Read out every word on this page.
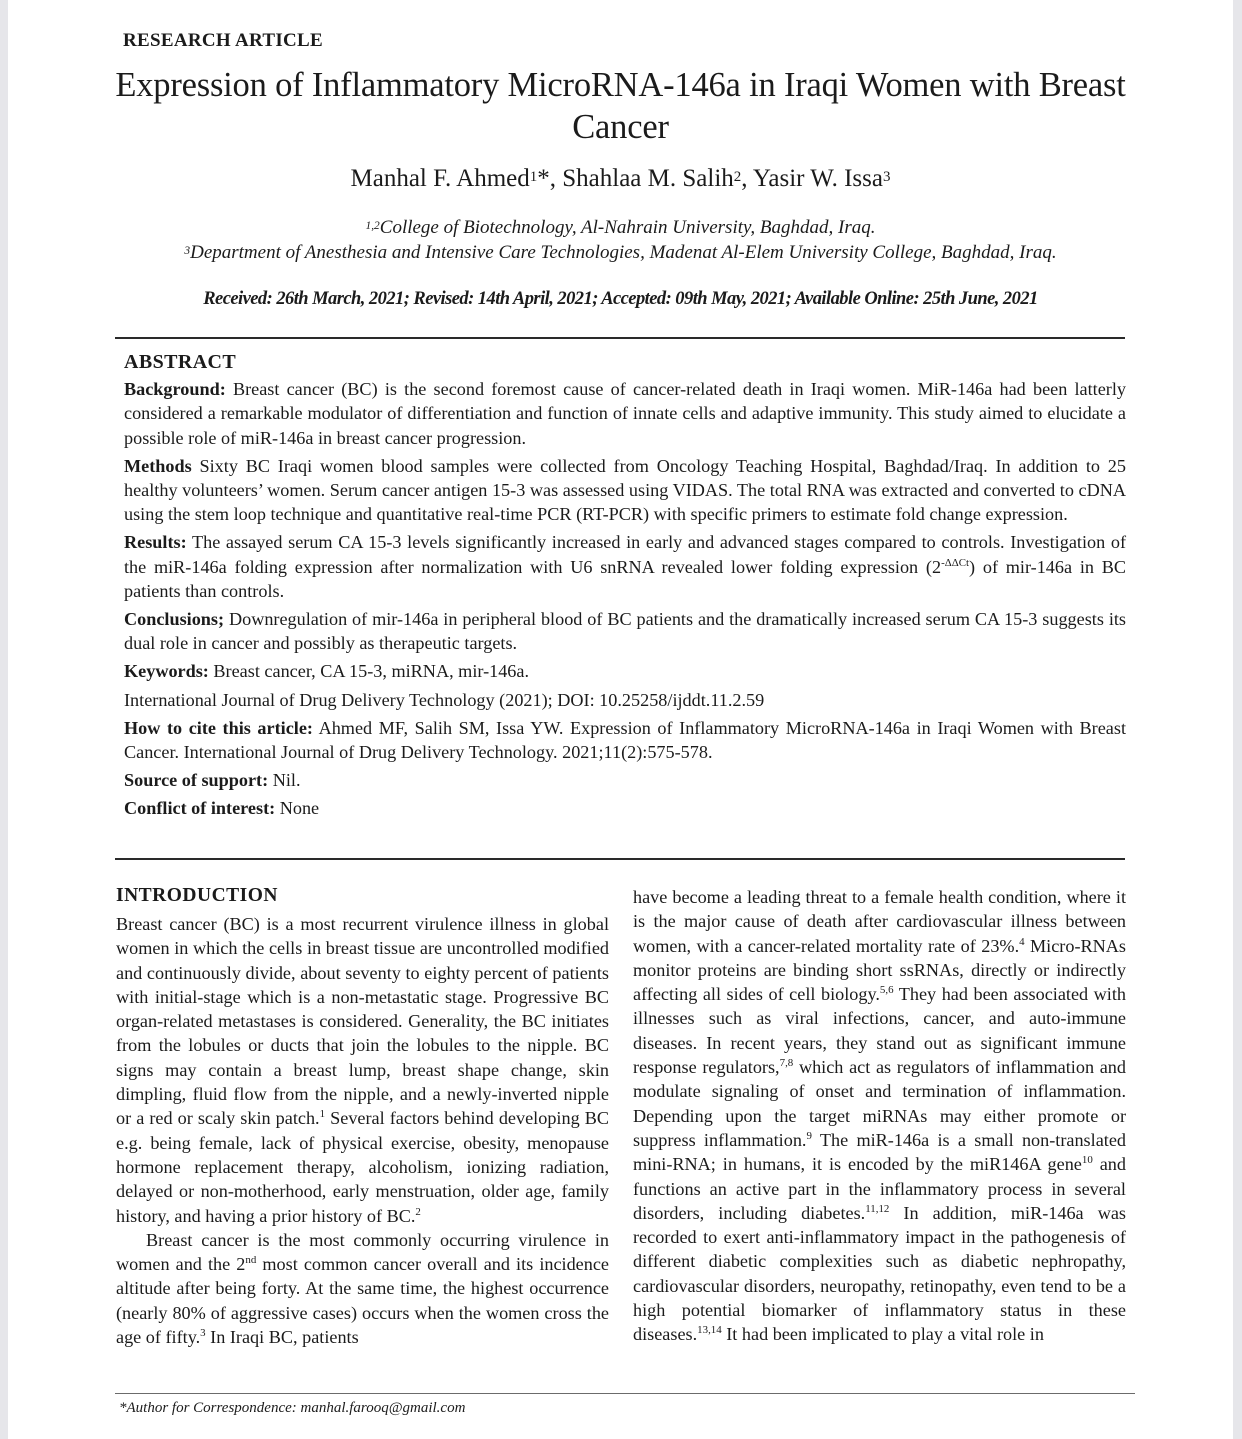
RESEARCH ARTICLE
Expression of Inflammatory MicroRNA-146a in Iraqi Women with Breast Cancer
Manhal F. Ahmed$^1$*, Shahlaa M. Salih$^2$, Yasir W. Issa$^3$
$^{1,2}$College of Biotechnology, Al-Nahrain University, Baghdad, Iraq.
$^3$Department of Anesthesia and Intensive Care Technologies, Madenat Al-Elem University College, Baghdad, Iraq.
Received: 26th March, 2021; Revised: 14th April, 2021; Accepted: 09th May, 2021; Available Online: 25th June, 2021
ABSTRACT

Background: Breast cancer (BC) is the second foremost cause of cancer-related death in Iraqi women. MiR-146a had been latterly considered a remarkable modulator of differentiation and function of innate cells and adaptive immunity. This study aimed to elucidate a possible role of miR-146a in breast cancer progression.

Methods Sixty BC Iraqi women blood samples were collected from Oncology Teaching Hospital, Baghdad/Iraq. In addition to 25 healthy volunteers’ women. Serum cancer antigen 15-3 was assessed using VIDAS. The total RNA was extracted and converted to cDNA using the stem loop technique and quantitative real-time PCR (RT-PCR) with specific primers to estimate fold change expression.

Results: The assayed serum CA 15-3 levels significantly increased in early and advanced stages compared to controls. Investigation of the miR-146a folding expression after normalization with U6 snRNA revealed lower folding expression (2$^{-\Delta\Delta Ct}$) of mir-146a in BC patients than controls.

Conclusions; Downregulation of mir-146a in peripheral blood of BC patients and the dramatically increased serum CA 15-3 suggests its dual role in cancer and possibly as therapeutic targets.

Keywords: Breast cancer, CA 15-3, miRNA, mir-146a.

International Journal of Drug Delivery Technology (2021); DOI: 10.25258/ijddt.11.2.59

How to cite this article: Ahmed MF, Salih SM, Issa YW. Expression of Inflammatory MicroRNA-146a in Iraqi Women with Breast Cancer. International Journal of Drug Delivery Technology. 2021;11(2):575-578.

Source of support: Nil.

Conflict of interest: None

INTRODUCTION

Breast cancer (BC) is a most recurrent virulence illness in global women in which the cells in breast tissue are uncontrolled modified and continuously divide, about seventy to eighty percent of patients with initial-stage which is a non-metastatic stage. Progressive BC organ-related metastases is considered. Generality, the BC initiates from the lobules or ducts that join the lobules to the nipple. BC signs may contain a breast lump, breast shape change, skin dimpling, fluid flow from the nipple, and a newly-inverted nipple or a red or scaly skin patch.$^1$ Several factors behind developing BC e.g. being female, lack of physical exercise, obesity, menopause hormone replacement therapy, alcoholism, ionizing radiation, delayed or non-motherhood, early menstruation, older age, family history, and having a prior history of BC.$^2$

Breast cancer is the most commonly occurring virulence in women and the 2nd most common cancer overall and its incidence altitude after being forty. At the same time, the highest occurrence (nearly 80% of aggressive cases) occurs when the women cross the age of fifty.$^3$ In Iraqi BC, patients

have become a leading threat to a female health condition, where it is the major cause of death after cardiovascular illness between women, with a cancer-related mortality rate of 23%.$^4$ Micro-RNAs monitor proteins are binding short ssRNAs, directly or indirectly affecting all sides of cell biology.$^{5,6}$ They had been associated with illnesses such as viral infections, cancer, and auto-immune diseases. In recent years, they stand out as significant immune response regulators,$^{7,8}$ which act as regulators of inflammation and modulate signaling of onset and termination of inflammation. Depending upon the target miRNAs may either promote or suppress inflammation.$^9$ The miR-146a is a small non-translated mini-RNA; in humans, it is encoded by the miR146A gene$^{10}$ and functions an active part in the inflammatory process in several disorders, including diabetes.$^{11,12}$ In addition, miR-146a was recorded to exert anti-inflammatory impact in the pathogenesis of different diabetic complexities such as diabetic nephropathy, cardiovascular disorders, neuropathy, retinopathy, even tend to be a high potential biomarker of inflammatory status in these diseases.$^{13,14}$ It had been implicated to play a vital role in

*Author for Correspondence: manhal.farooq@gmail.com
